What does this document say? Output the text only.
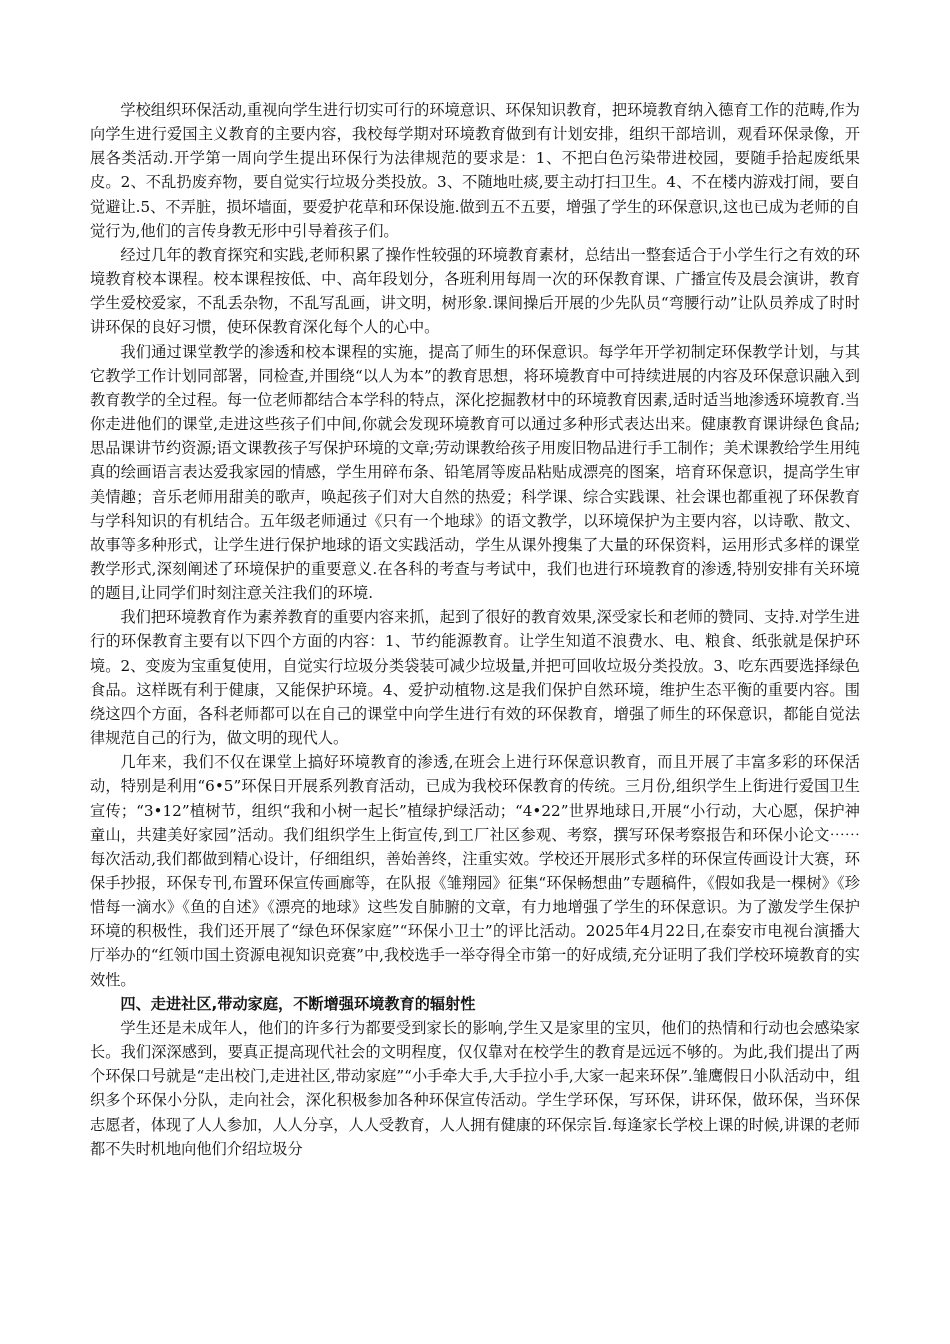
学校组织环保活动,重视向学生进行切实可行的环境意识、环保知识教育，把环境教育纳入德育工作的范畴,作为向学生进行爱国主义教育的主要内容，我校每学期对环境教育做到有计划安排，组织干部培训，观看环保录像，开展各类活动.开学第一周向学生提出环保行为法律规范的要求是：1、不把白色污染带进校园，要随手拾起废纸果皮。2、不乱扔废弃物，要自觉实行垃圾分类投放。3、不随地吐痰,要主动打扫卫生。4、不在楼内游戏打闹，要自觉避让.5、不弄脏，损坏墙面，要爱护花草和环保设施.做到五不五要，增强了学生的环保意识,这也已成为老师的自觉行为,他们的言传身教无形中引导着孩子们。

经过几年的教育探究和实践,老师积累了操作性较强的环境教育素材，总结出一整套适合于小学生行之有效的环境教育校本课程。校本课程按低、中、高年段划分，各班利用每周一次的环保教育课、广播宣传及晨会演讲，教育学生爱校爱家，不乱丢杂物，不乱写乱画，讲文明，树形象.课间操后开展的少先队员“弯腰行动”让队员养成了时时讲环保的良好习惯，使环保教育深化每个人的心中。

我们通过课堂教学的渗透和校本课程的实施，提高了师生的环保意识。每学年开学初制定环保教学计划，与其它教学工作计划同部署，同检查,并围绕“以人为本”的教育思想，将环境教育中可持续进展的内容及环保意识融入到教育教学的全过程。每一位老师都结合本学科的特点，深化挖掘教材中的环境教育因素,适时适当地渗透环境教育.当你走进他们的课堂,走进这些孩子们中间,你就会发现环境教育可以通过多种形式表达出来。健康教育课讲绿色食品;思品课讲节约资源;语文课教孩子写保护环境的文章;劳动课教给孩子用废旧物品进行手工制作；美术课教给学生用纯真的绘画语言表达爱我家园的情感，学生用碎布条、铅笔屑等废品粘贴成漂亮的图案，培育环保意识，提高学生审美情趣；音乐老师用甜美的歌声，唤起孩子们对大自然的热爱；科学课、综合实践课、社会课也都重视了环保教育与学科知识的有机结合。五年级老师通过《只有一个地球》的语文教学，以环境保护为主要内容，以诗歌、散文、故事等多种形式，让学生进行保护地球的语文实践活动，学生从课外搜集了大量的环保资料，运用形式多样的课堂教学形式,深刻阐述了环境保护的重要意义.在各科的考查与考试中，我们也进行环境教育的渗透,特别安排有关环境的题目,让同学们时刻注意关注我们的环境.

我们把环境教育作为素养教育的重要内容来抓，起到了很好的教育效果,深受家长和老师的赞同、支持.对学生进行的环保教育主要有以下四个方面的内容：1、节约能源教育。让学生知道不浪费水、电、粮食、纸张就是保护环境。2、变废为宝重复使用，自觉实行垃圾分类袋装可减少垃圾量,并把可回收垃圾分类投放。3、吃东西要选择绿色食品。这样既有利于健康，又能保护环境。4、爱护动植物.这是我们保护自然环境，维护生态平衡的重要内容。围绕这四个方面，各科老师都可以在自己的课堂中向学生进行有效的环保教育，增强了师生的环保意识，都能自觉法律规范自己的行为，做文明的现代人。

几年来，我们不仅在课堂上搞好环境教育的渗透,在班会上进行环保意识教育，而且开展了丰富多彩的环保活动，特别是利用“6•5”环保日开展系列教育活动，已成为我校环保教育的传统。三月份,组织学生上街进行爱国卫生宣传；“3•12”植树节，组织“我和小树一起长”植绿护绿活动；“4•22”世界地球日,开展“小行动，大心愿，保护神童山，共建美好家园”活动。我们组织学生上街宣传,到工厂社区参观、考察，撰写环保考察报告和环保小论文⋯⋯每次活动,我们都做到精心设计，仔细组织，善始善终，注重实效。学校还开展形式多样的环保宣传画设计大赛，环保手抄报，环保专刊,布置环保宣传画廊等，在队报《雏翔园》征集“环保畅想曲”专题稿件，《假如我是一棵树》《珍惜每一滴水》《鱼的自述》《漂亮的地球》这些发自肺腑的文章，有力地增强了学生的环保意识。为了激发学生保护环境的积极性，我们还开展了“绿色环保家庭”“环保小卫士”的评比活动。2025年4月22日,在泰安市电视台演播大厅举办的“红领巾国土资源电视知识竞赛”中,我校选手一举夺得全市第一的好成绩,充分证明了我们学校环境教育的实效性。

四、走进社区,带动家庭，不断增强环境教育的辐射性

学生还是未成年人，他们的许多行为都要受到家长的影响,学生又是家里的宝贝，他们的热情和行动也会感染家长。我们深深感到，要真正提高现代社会的文明程度，仅仅靠对在校学生的教育是远远不够的。为此,我们提出了两个环保口号就是“走出校门,走进社区,带动家庭”“小手牵大手,大手拉小手,大家一起来环保”.雏鹰假日小队活动中，组织多个环保小分队，走向社会，深化积极参加各种环保宣传活动。学生学环保，写环保，讲环保，做环保，当环保志愿者，体现了人人参加，人人分享，人人受教育，人人拥有健康的环保宗旨.每逢家长学校上课的时候,讲课的老师都不失时机地向他们介绍垃圾分
